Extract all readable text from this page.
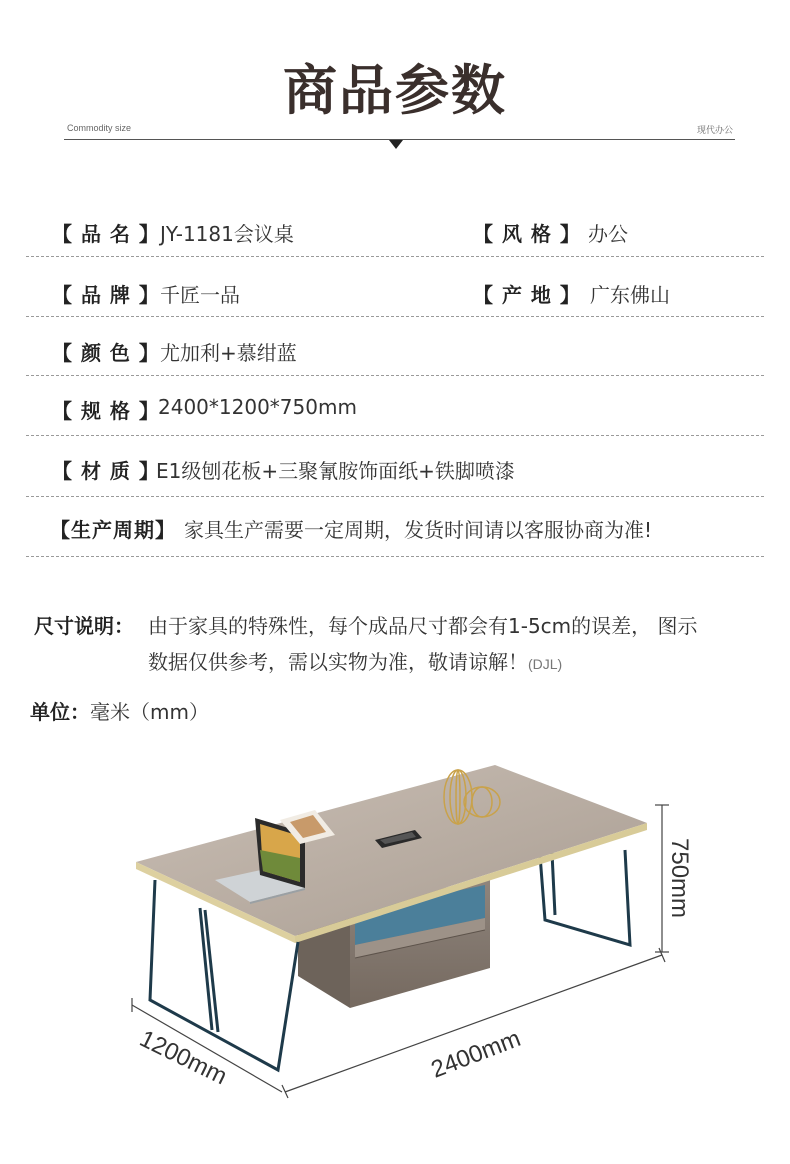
商品参数
Commodity size	现代办公
【 品 名 】 JY-1181会议桌	【 风 格 】 办公
【 品 牌 】 千匠一品	【 产 地 】 广东佛山
【 颜 色 】 尤加利+慕绀蓝
【 规 格 】
2400*1200*750mm
【 材 质 】
E1级刨花板+三聚氰胺饰面纸+铁脚喷漆
【生产周期】 家具生产需要一定周期，发货时间请以客服协商为准!
尺寸说明： 由于家具的特殊性，每个成品尺寸都会有1-5cm的误差， 图示
数据仅供参考，需以实物为准，敬请谅解！(DJL)
单位：毫米（mm）
750mm
2400mm
1200mm
